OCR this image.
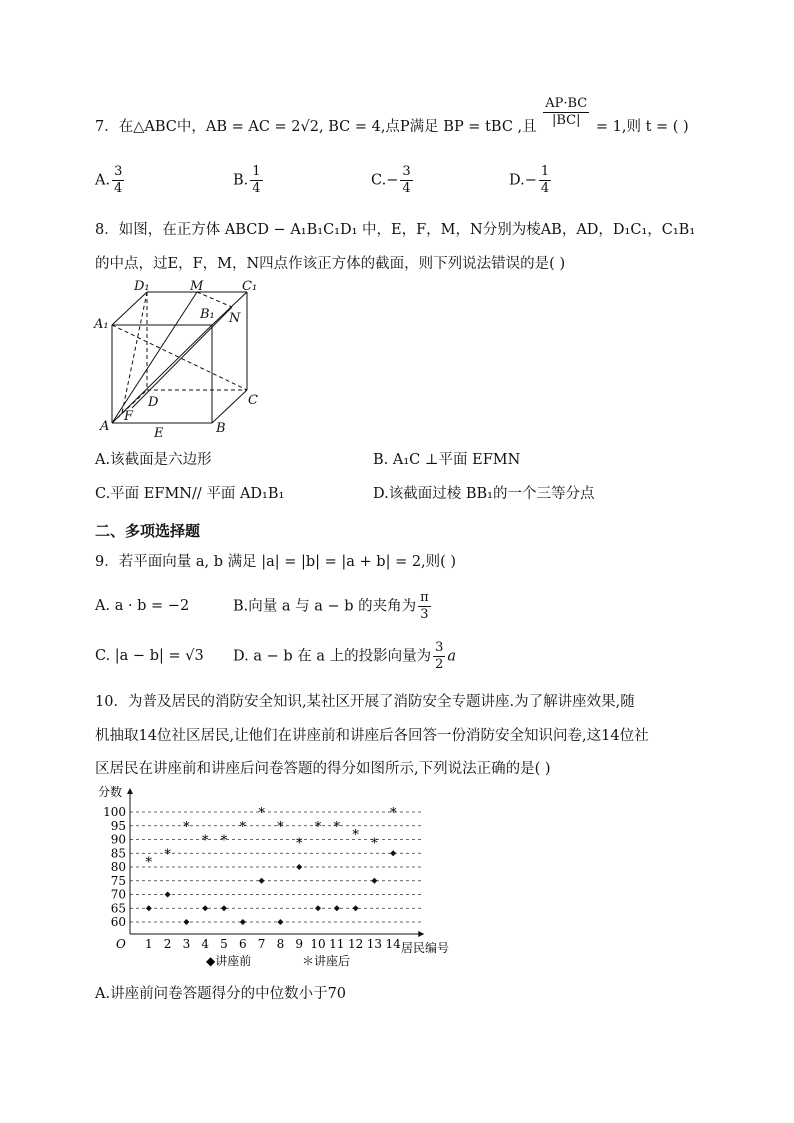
7．在△ABC中，AB = AC = 2√2, BC = 4,点P满足 BP = tBC ,且 $\frac{AP\cdot BC}{|BC|} = 1$,则 t = ( )
A. $\frac{3}{4}$	B. $\frac{1}{4}$	$C.- \frac{3}{4}$	$D.- \frac{1}{4}$
8．如图，在正方体 ABCD − A₁B₁C₁D₁ 中，E，F，M，N分别为棱AB，AD，D₁C₁，C₁B₁
的中点，过E，F，M，N四点作该正方体的截面，则下列说法错误的是( )
D₁	M	C₁
A₁
B₁ N
D	C
A
F
E	B
A.该截面是六边形	B. A₁C ⊥平面 EFMN
C.平面 EFMN// 平面 AD₁B₁	D.该截面过棱 BB₁的一个三等分点
二、多项选择题
9．若平面向量 a, b 满足 |a| = |b| = |a + b| = 2,则( )
A. a · b = −2	B.向量 a 与 a − b 的夹角为 $\frac{\pi}{3}$
C. |a − b| = √3 D. a − b 在 a 上的投影向量为 $\frac{3}{2}$ a
10．为普及居民的消防安全知识,某社区开展了消防安全专题讲座.为了解讲座效果,随
机抽取14位社区居民,让他们在讲座前和讲座后各回答一份消防安全知识问卷,这14位社
区居民在讲座前和讲座后问卷答题的得分如图所示,下列说法正确的是( )
60
65
70
75
80
85
90
95
100
1 2 3 4 5 6 7 8 9 10 11 12 13 14
*
*
*
* *
*
*
*
*
* *
*
*
*
分数
居民编号
O
◆讲座前	＊讲座后
A.讲座前问卷答题得分的中位数小于70
